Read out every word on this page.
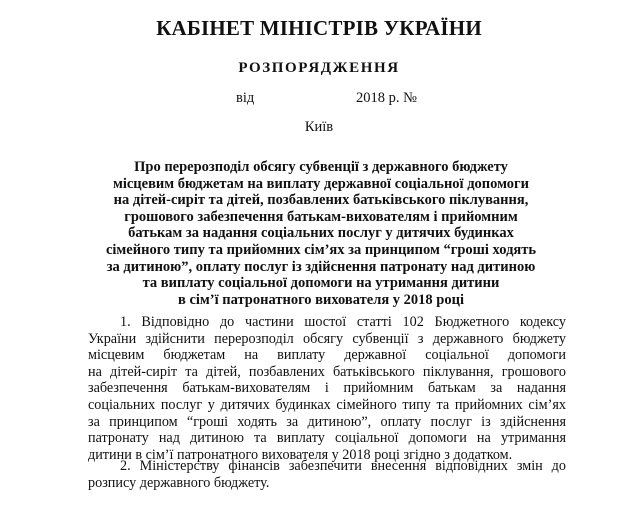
КАБІНЕТ МІНІСТРІВ УКРАЇНИ
РОЗПОРЯДЖЕННЯ
від	2018 р. №
Київ
Про перерозподіл обсягу субвенції з державного бюджету
місцевим бюджетам на виплату державної соціальної допомоги
на дітей-сиріт та дітей, позбавлених батьківського піклування,
грошового забезпечення батькам-вихователям і прийомним
батькам за надання соціальних послуг у дитячих будинках
сімейного типу та прийомних сім’ях за принципом “гроші ходять
за дитиною”, оплату послуг із здійснення патронату над дитиною
та виплату соціальної допомоги на утримання дитини
в сім’ї патронатного вихователя у 2018 році
1. Відповідно до частини шостої статті 102 Бюджетного кодексу
України здійснити перерозподіл обсягу субвенції з державного бюджету
місцевим бюджетам на виплату державної соціальної допомоги
на дітей-сиріт та дітей, позбавлених батьківського піклування, грошового
забезпечення батькам-вихователям і прийомним батькам за надання
соціальних послуг у дитячих будинках сімейного типу та прийомних сім’ях
за принципом “гроші ходять за дитиною”, оплату послуг із здійснення
патронату над дитиною та виплату соціальної допомоги на утримання
дитини в сім’ї патронатного вихователя у 2018 році згідно з додатком.
2. Міністерству фінансів забезпечити внесення відповідних змін до
розпису державного бюджету.
